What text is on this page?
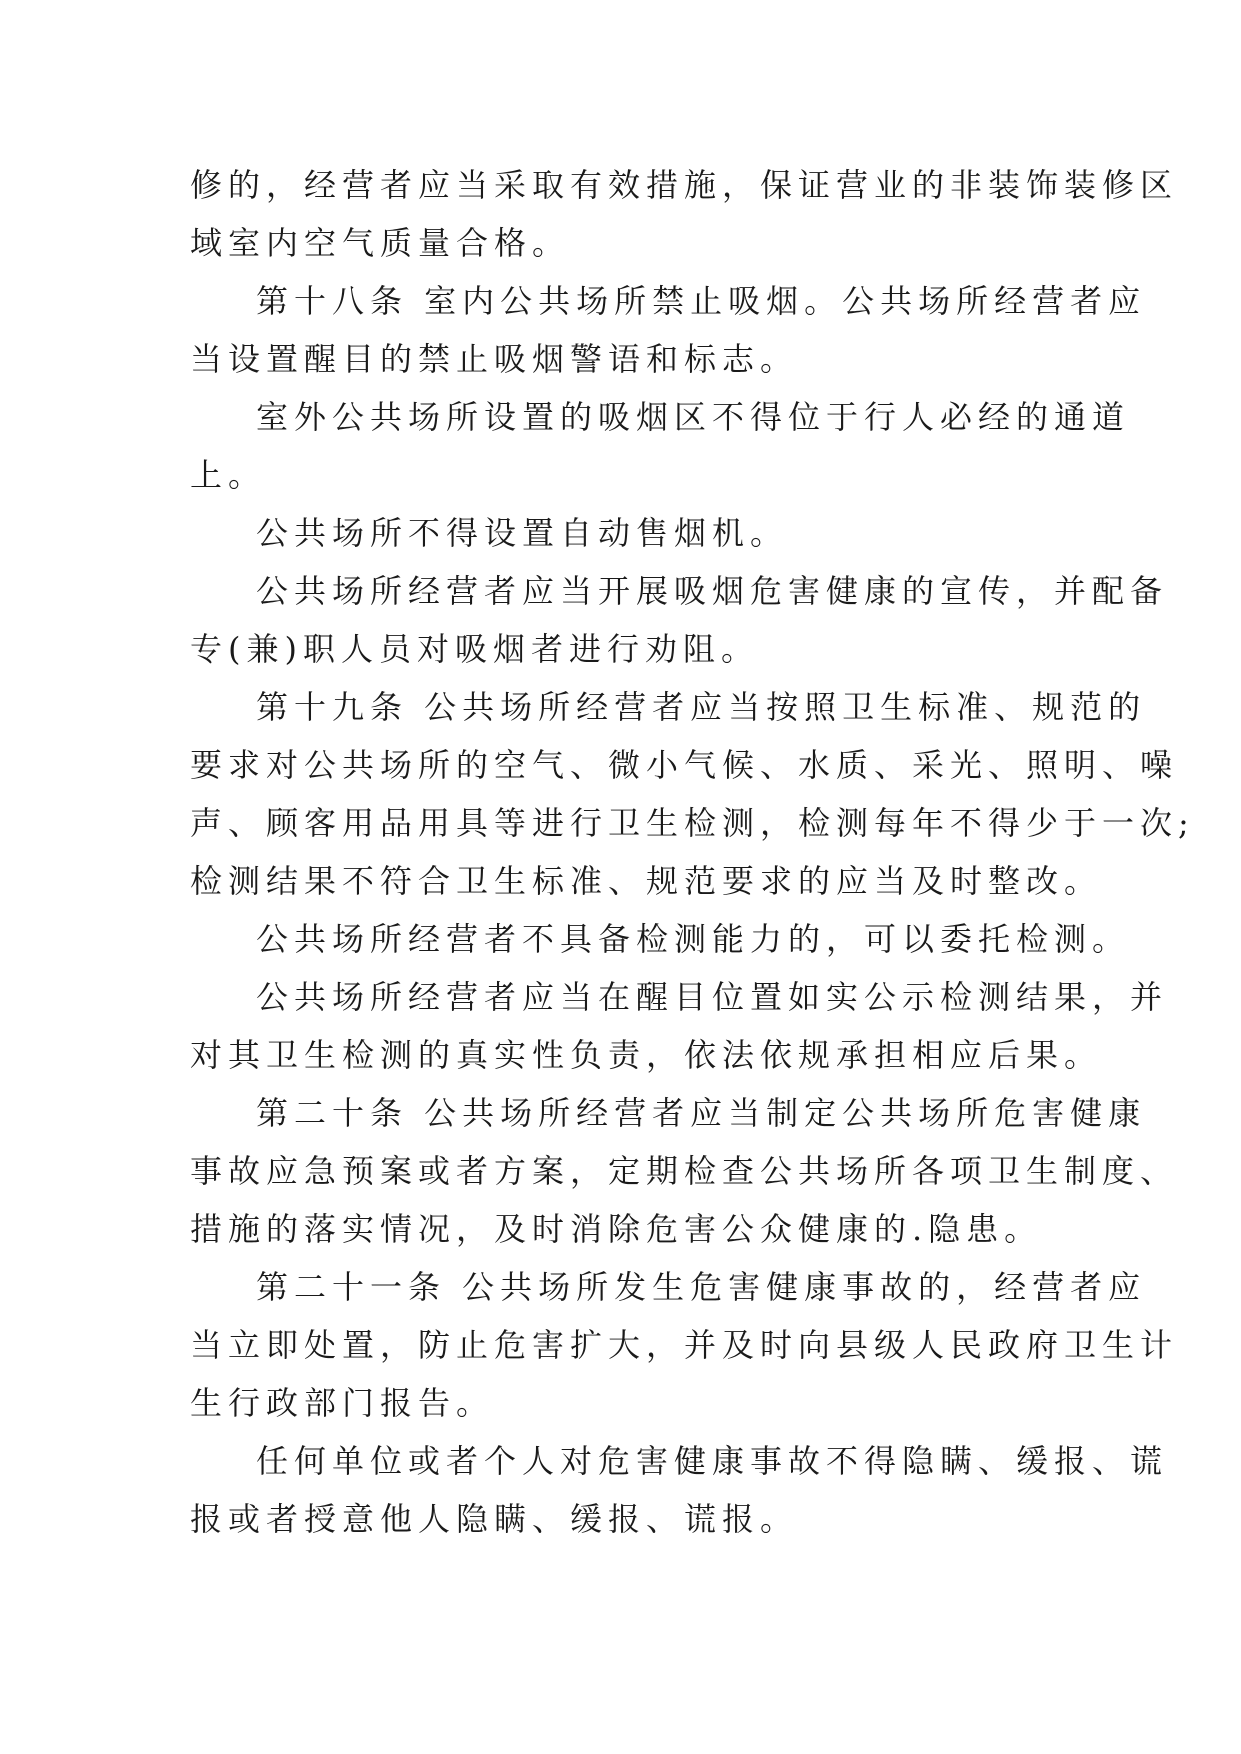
修的，经营者应当采取有效措施，保证营业的非装饰装修区

域室内空气质量合格。

第十八条 室内公共场所禁止吸烟。公共场所经营者应

当设置醒目的禁止吸烟警语和标志。

室外公共场所设置的吸烟区不得位于行人必经的通道

上。

公共场所不得设置自动售烟机。

公共场所经营者应当开展吸烟危害健康的宣传，并配备

专(兼)职人员对吸烟者进行劝阻。

第十九条 公共场所经营者应当按照卫生标准、规范的

要求对公共场所的空气、微小气候、水质、采光、照明、噪

声、顾客用品用具等进行卫生检测，检测每年不得少于一次;

检测结果不符合卫生标准、规范要求的应当及时整改。

公共场所经营者不具备检测能力的，可以委托检测。

公共场所经营者应当在醒目位置如实公示检测结果，并

对其卫生检测的真实性负责，依法依规承担相应后果。

第二十条 公共场所经营者应当制定公共场所危害健康

事故应急预案或者方案，定期检查公共场所各项卫生制度、

措施的落实情况，及时消除危害公众健康的.隐患。

第二十一条 公共场所发生危害健康事故的，经营者应

当立即处置，防止危害扩大，并及时向县级人民政府卫生计

生行政部门报告。

任何单位或者个人对危害健康事故不得隐瞒、缓报、谎

报或者授意他人隐瞒、缓报、谎报。
